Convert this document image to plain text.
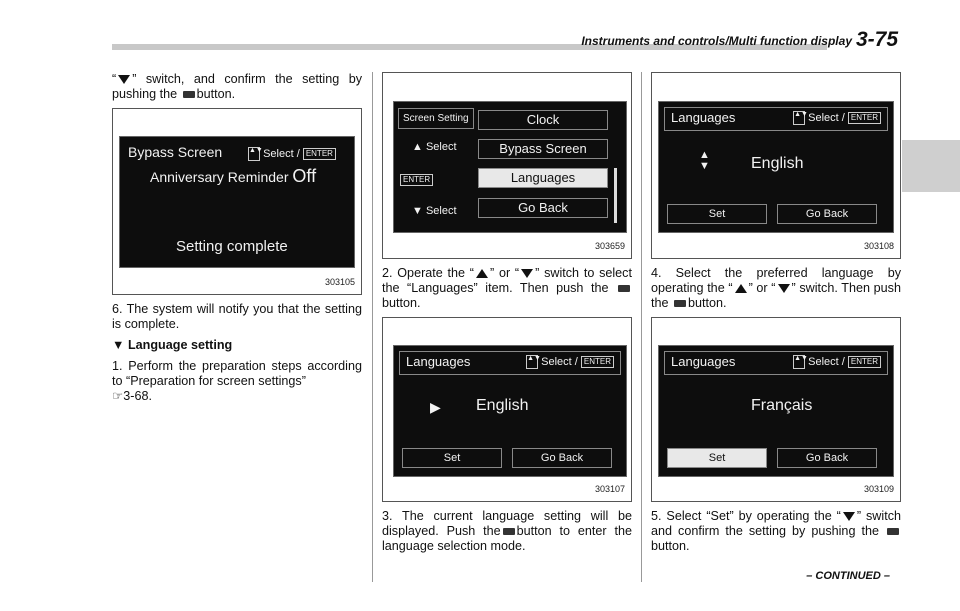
Instruments and controls/Multi function display 3-75

“ ” switch, and confirm the setting by pushing the button.

Bypass Screen	▲▼ Select / ENTER
Anniversary Reminder Off
Setting complete
303105

6. The system will notify you that the setting is complete.

▼ Language setting

1. Perform the preparation steps according to “Preparation for screen settings”
☞3-68.

Screen Setting
▲ Select
ENTER
▼ Select
Clock
Bypass Screen
Languages
Go Back
303659

2. Operate the “ ” or “ ” switch to select the “Languages” item. Then push the button.

Languages	▲▼ Select / ENTER
▶ English
Set	Go Back
303107

3. The current language setting will be displayed. Push the button to enter the language selection mode.

Languages	▲▼ Select / ENTER
▲
▼	English
Set	Go Back
303108

4. Select the preferred language by operating the “ ” or “ ” switch. Then push the button.

Languages	▲▼ Select / ENTER
Français
Set	Go Back
303109

5. Select “Set” by operating the “ ” switch and confirm the setting by pushing the button.

– CONTINUED –
